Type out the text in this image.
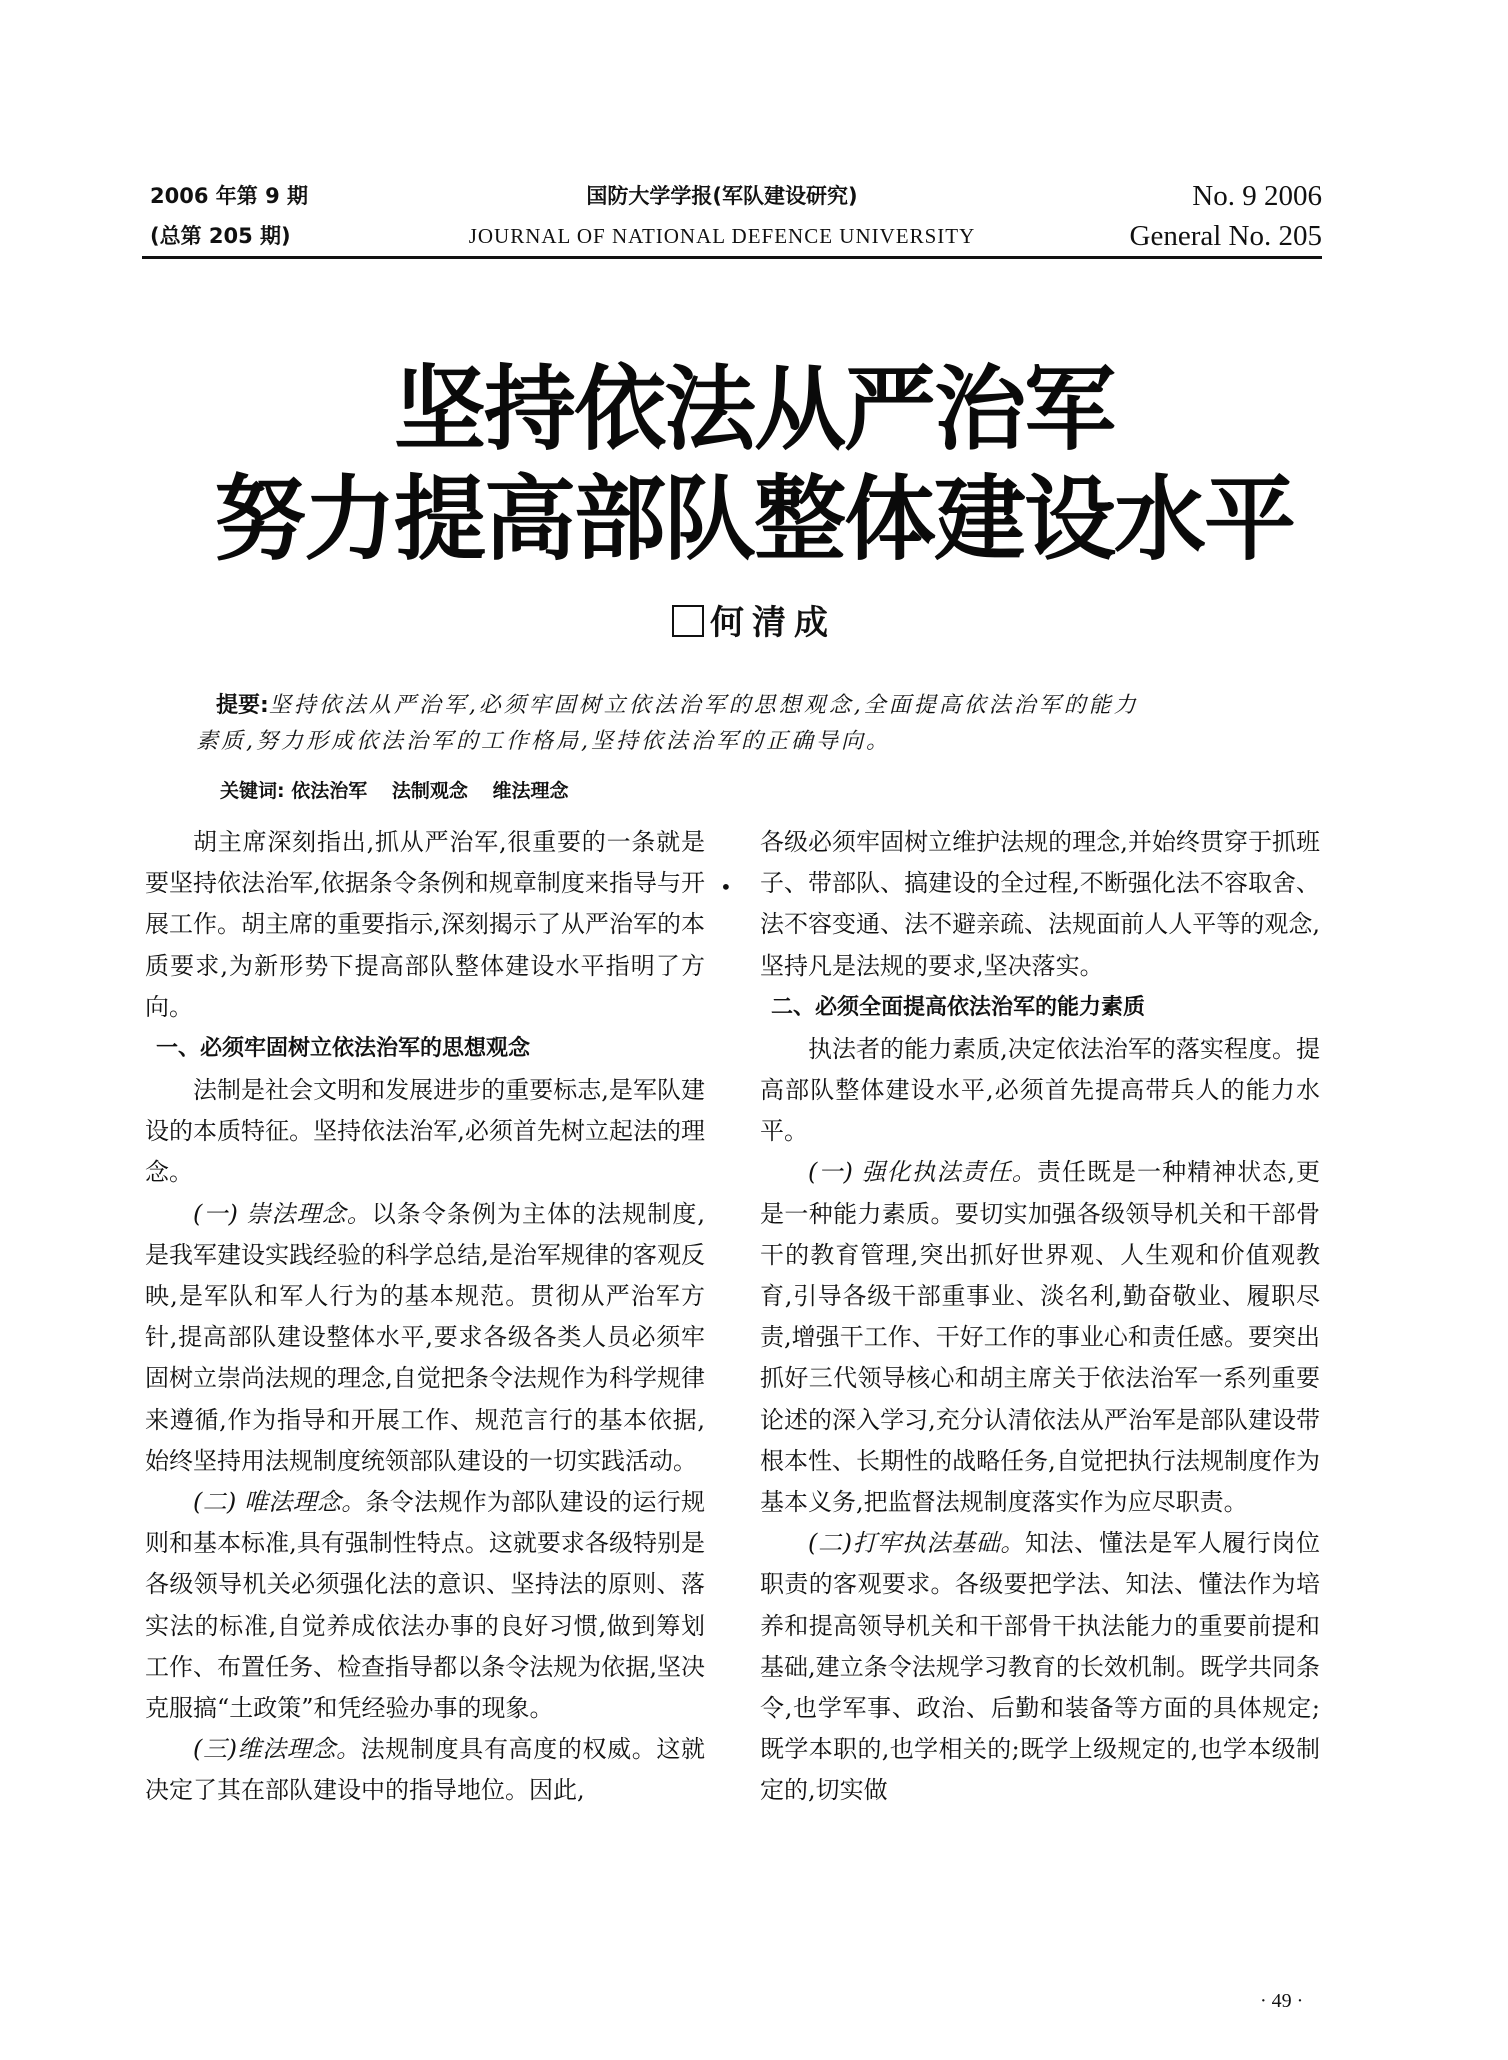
2006 年第 9 期
(总第 205 期)
国防大学学报(军队建设研究)
JOURNAL OF NATIONAL DEFENCE UNIVERSITY
No. 9 2006
General No. 205
坚持依法从严治军
努力提高部队整体建设水平
何清成

提要:坚持依法从严治军,必须牢固树立依法治军的思想观念,全面提高依法治军的能力

素质,努力形成依法治军的工作格局,坚持依法治军的正确导向。

关键词: 依法治军 法制观念 维法理念

胡主席深刻指出,抓从严治军,很重要的一条就是要坚持依法治军,依据条令条例和规章制度来指导与开展工作。胡主席的重要指示,深刻揭示了从严治军的本质要求,为新形势下提高部队整体建设水平指明了方向。

一、必须牢固树立依法治军的思想观念

法制是社会文明和发展进步的重要标志,是军队建设的本质特征。坚持依法治军,必须首先树立起法的理念。

(一) 崇法理念。以条令条例为主体的法规制度,是我军建设实践经验的科学总结,是治军规律的客观反映,是军队和军人行为的基本规范。贯彻从严治军方针,提高部队建设整体水平,要求各级各类人员必须牢固树立崇尚法规的理念,自觉把条令法规作为科学规律来遵循,作为指导和开展工作、规范言行的基本依据,始终坚持用法规制度统领部队建设的一切实践活动。

(二) 唯法理念。条令法规作为部队建设的运行规则和基本标准,具有强制性特点。这就要求各级特别是各级领导机关必须强化法的意识、坚持法的原则、落实法的标准,自觉养成依法办事的良好习惯,做到筹划工作、布置任务、检查指导都以条令法规为依据,坚决克服搞“土政策”和凭经验办事的现象。

(三)维法理念。法规制度具有高度的权威。这就决定了其在部队建设中的指导地位。因此,

•

各级必须牢固树立维护法规的理念,并始终贯穿于抓班子、带部队、搞建设的全过程,不断强化法不容取舍、法不容变通、法不避亲疏、法规面前人人平等的观念,坚持凡是法规的要求,坚决落实。

二、必须全面提高依法治军的能力素质

执法者的能力素质,决定依法治军的落实程度。提高部队整体建设水平,必须首先提高带兵人的能力水平。

(一) 强化执法责任。责任既是一种精神状态,更是一种能力素质。要切实加强各级领导机关和干部骨干的教育管理,突出抓好世界观、人生观和价值观教育,引导各级干部重事业、淡名利,勤奋敬业、履职尽责,增强干工作、干好工作的事业心和责任感。要突出抓好三代领导核心和胡主席关于依法治军一系列重要论述的深入学习,充分认清依法从严治军是部队建设带根本性、长期性的战略任务,自觉把执行法规制度作为基本义务,把监督法规制度落实作为应尽职责。

(二)打牢执法基础。知法、懂法是军人履行岗位职责的客观要求。各级要把学法、知法、懂法作为培养和提高领导机关和干部骨干执法能力的重要前提和基础,建立条令法规学习教育的长效机制。既学共同条令,也学军事、政治、后勤和装备等方面的具体规定;既学本职的,也学相关的;既学上级规定的,也学本级制定的,切实做

· 49 ·
